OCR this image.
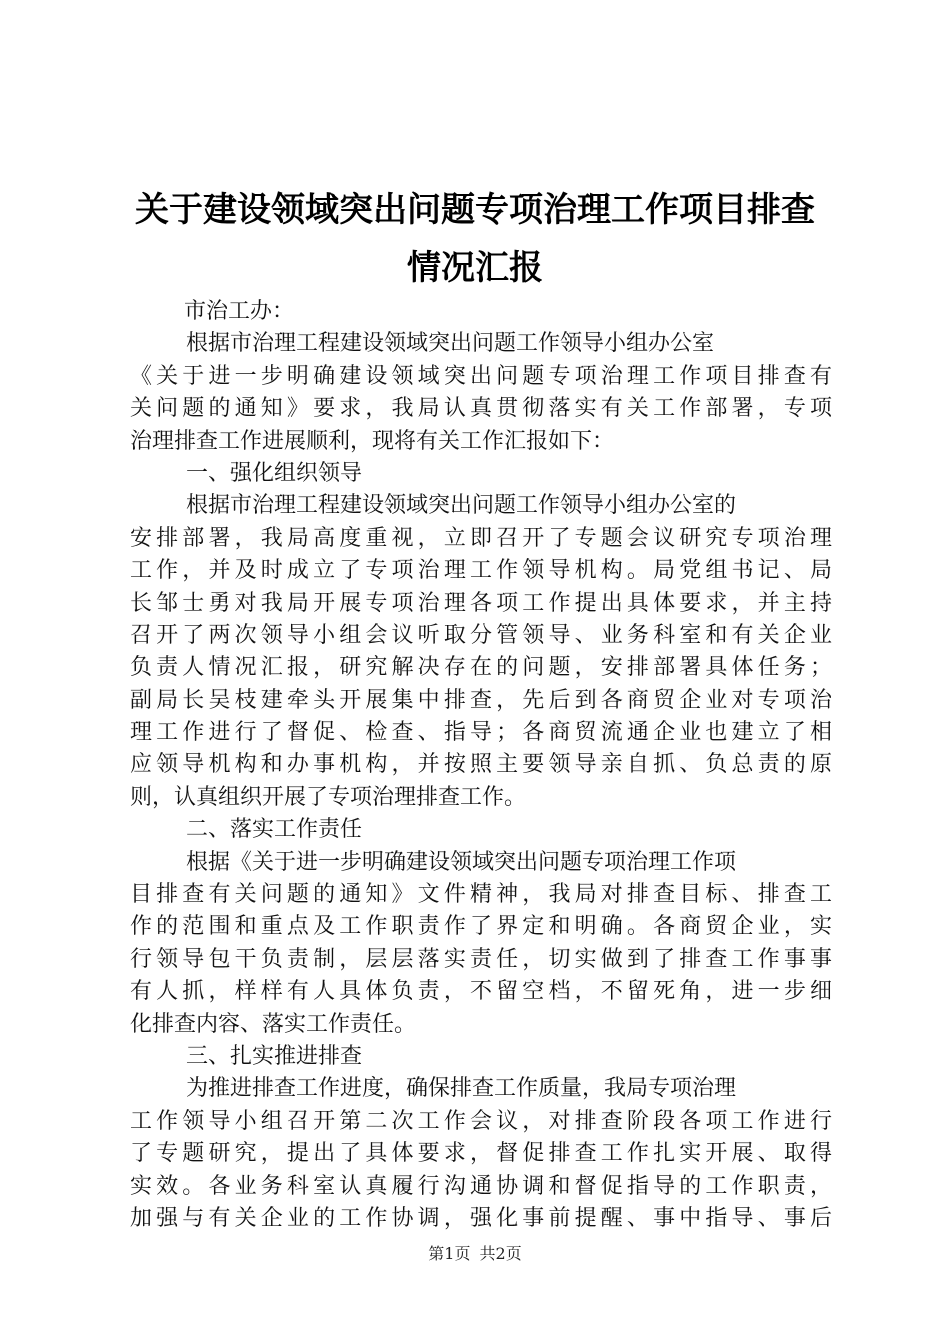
关于建设领域突出问题专项治理工作项目排查
情况汇报
市治工办：
根据市治理工程建设领域突出问题工作领导小组办公室
《关于进一步明确建设领域突出问题专项治理工作项目排查有
关问题的通知》要求，我局认真贯彻落实有关工作部署，专项
治理排查工作进展顺利，现将有关工作汇报如下：
一、强化组织领导
根据市治理工程建设领域突出问题工作领导小组办公室的
安排部署，我局高度重视，立即召开了专题会议研究专项治理
工作，并及时成立了专项治理工作领导机构。局党组书记、局
长邹士勇对我局开展专项治理各项工作提出具体要求，并主持
召开了两次领导小组会议听取分管领导、业务科室和有关企业
负责人情况汇报，研究解决存在的问题，安排部署具体任务；
副局长吴枝建牵头开展集中排查，先后到各商贸企业对专项治
理工作进行了督促、检查、指导；各商贸流通企业也建立了相
应领导机构和办事机构，并按照主要领导亲自抓、负总责的原
则，认真组织开展了专项治理排查工作。
二、落实工作责任
根据《关于进一步明确建设领域突出问题专项治理工作项
目排查有关问题的通知》文件精神，我局对排查目标、排查工
作的范围和重点及工作职责作了界定和明确。各商贸企业，实
行领导包干负责制，层层落实责任，切实做到了排查工作事事
有人抓，样样有人具体负责，不留空档，不留死角，进一步细
化排查内容、落实工作责任。
三、扎实推进排查
为推进排查工作进度，确保排查工作质量，我局专项治理
工作领导小组召开第二次工作会议，对排查阶段各项工作进行
了专题研究，提出了具体要求，督促排查工作扎实开展、取得
实效。各业务科室认真履行沟通协调和督促指导的工作职责，
加强与有关企业的工作协调，强化事前提醒、事中指导、事后
第1页 共2页
